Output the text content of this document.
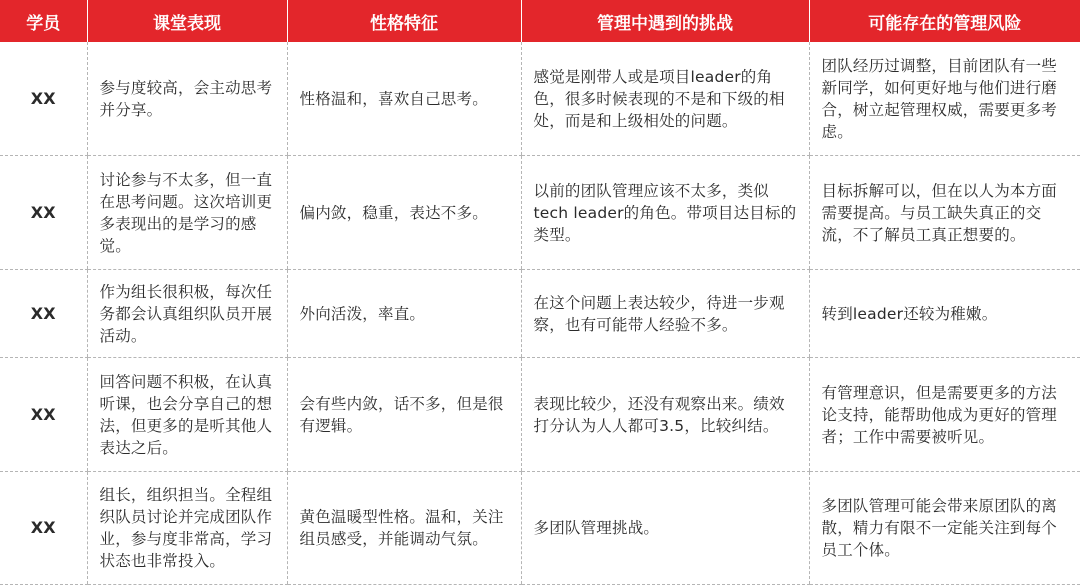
学员	课堂表现	性格特征	管理中遇到的挑战	可能存在的管理风险
XX	参与度较高，会主动思考并分享。	性格温和，喜欢自己思考。	感觉是刚带人或是项目leader的角色，很多时候表现的不是和下级的相处，而是和上级相处的问题。	团队经历过调整，目前团队有一些新同学，如何更好地与他们进行磨合，树立起管理权威，需要更多考虑。
XX	讨论参与不太多，但一直在思考问题。这次培训更多表现出的是学习的感觉。	偏内敛，稳重，表达不多。	以前的团队管理应该不太多，类似tech leader的角色。带项目达目标的类型。	目标拆解可以，但在以人为本方面需要提高。与员工缺失真正的交流，不了解员工真正想要的。
XX	作为组长很积极，每次任务都会认真组织队员开展活动。	外向活泼，率直。	在这个问题上表达较少，待进一步观察，也有可能带人经验不多。	转到leader还较为稚嫩。
XX	回答问题不积极，在认真听课，也会分享自己的想法，但更多的是听其他人表达之后。	会有些内敛，话不多，但是很有逻辑。	表现比较少，还没有观察出来。绩效打分认为人人都可3.5，比较纠结。	有管理意识，但是需要更多的方法论支持，能帮助他成为更好的管理者；工作中需要被听见。
XX	组长，组织担当。全程组织队员讨论并完成团队作业，参与度非常高，学习状态也非常投入。	黄色温暖型性格。温和，关注组员感受，并能调动气氛。	多团队管理挑战。	多团队管理可能会带来原团队的离散，精力有限不一定能关注到每个员工个体。
